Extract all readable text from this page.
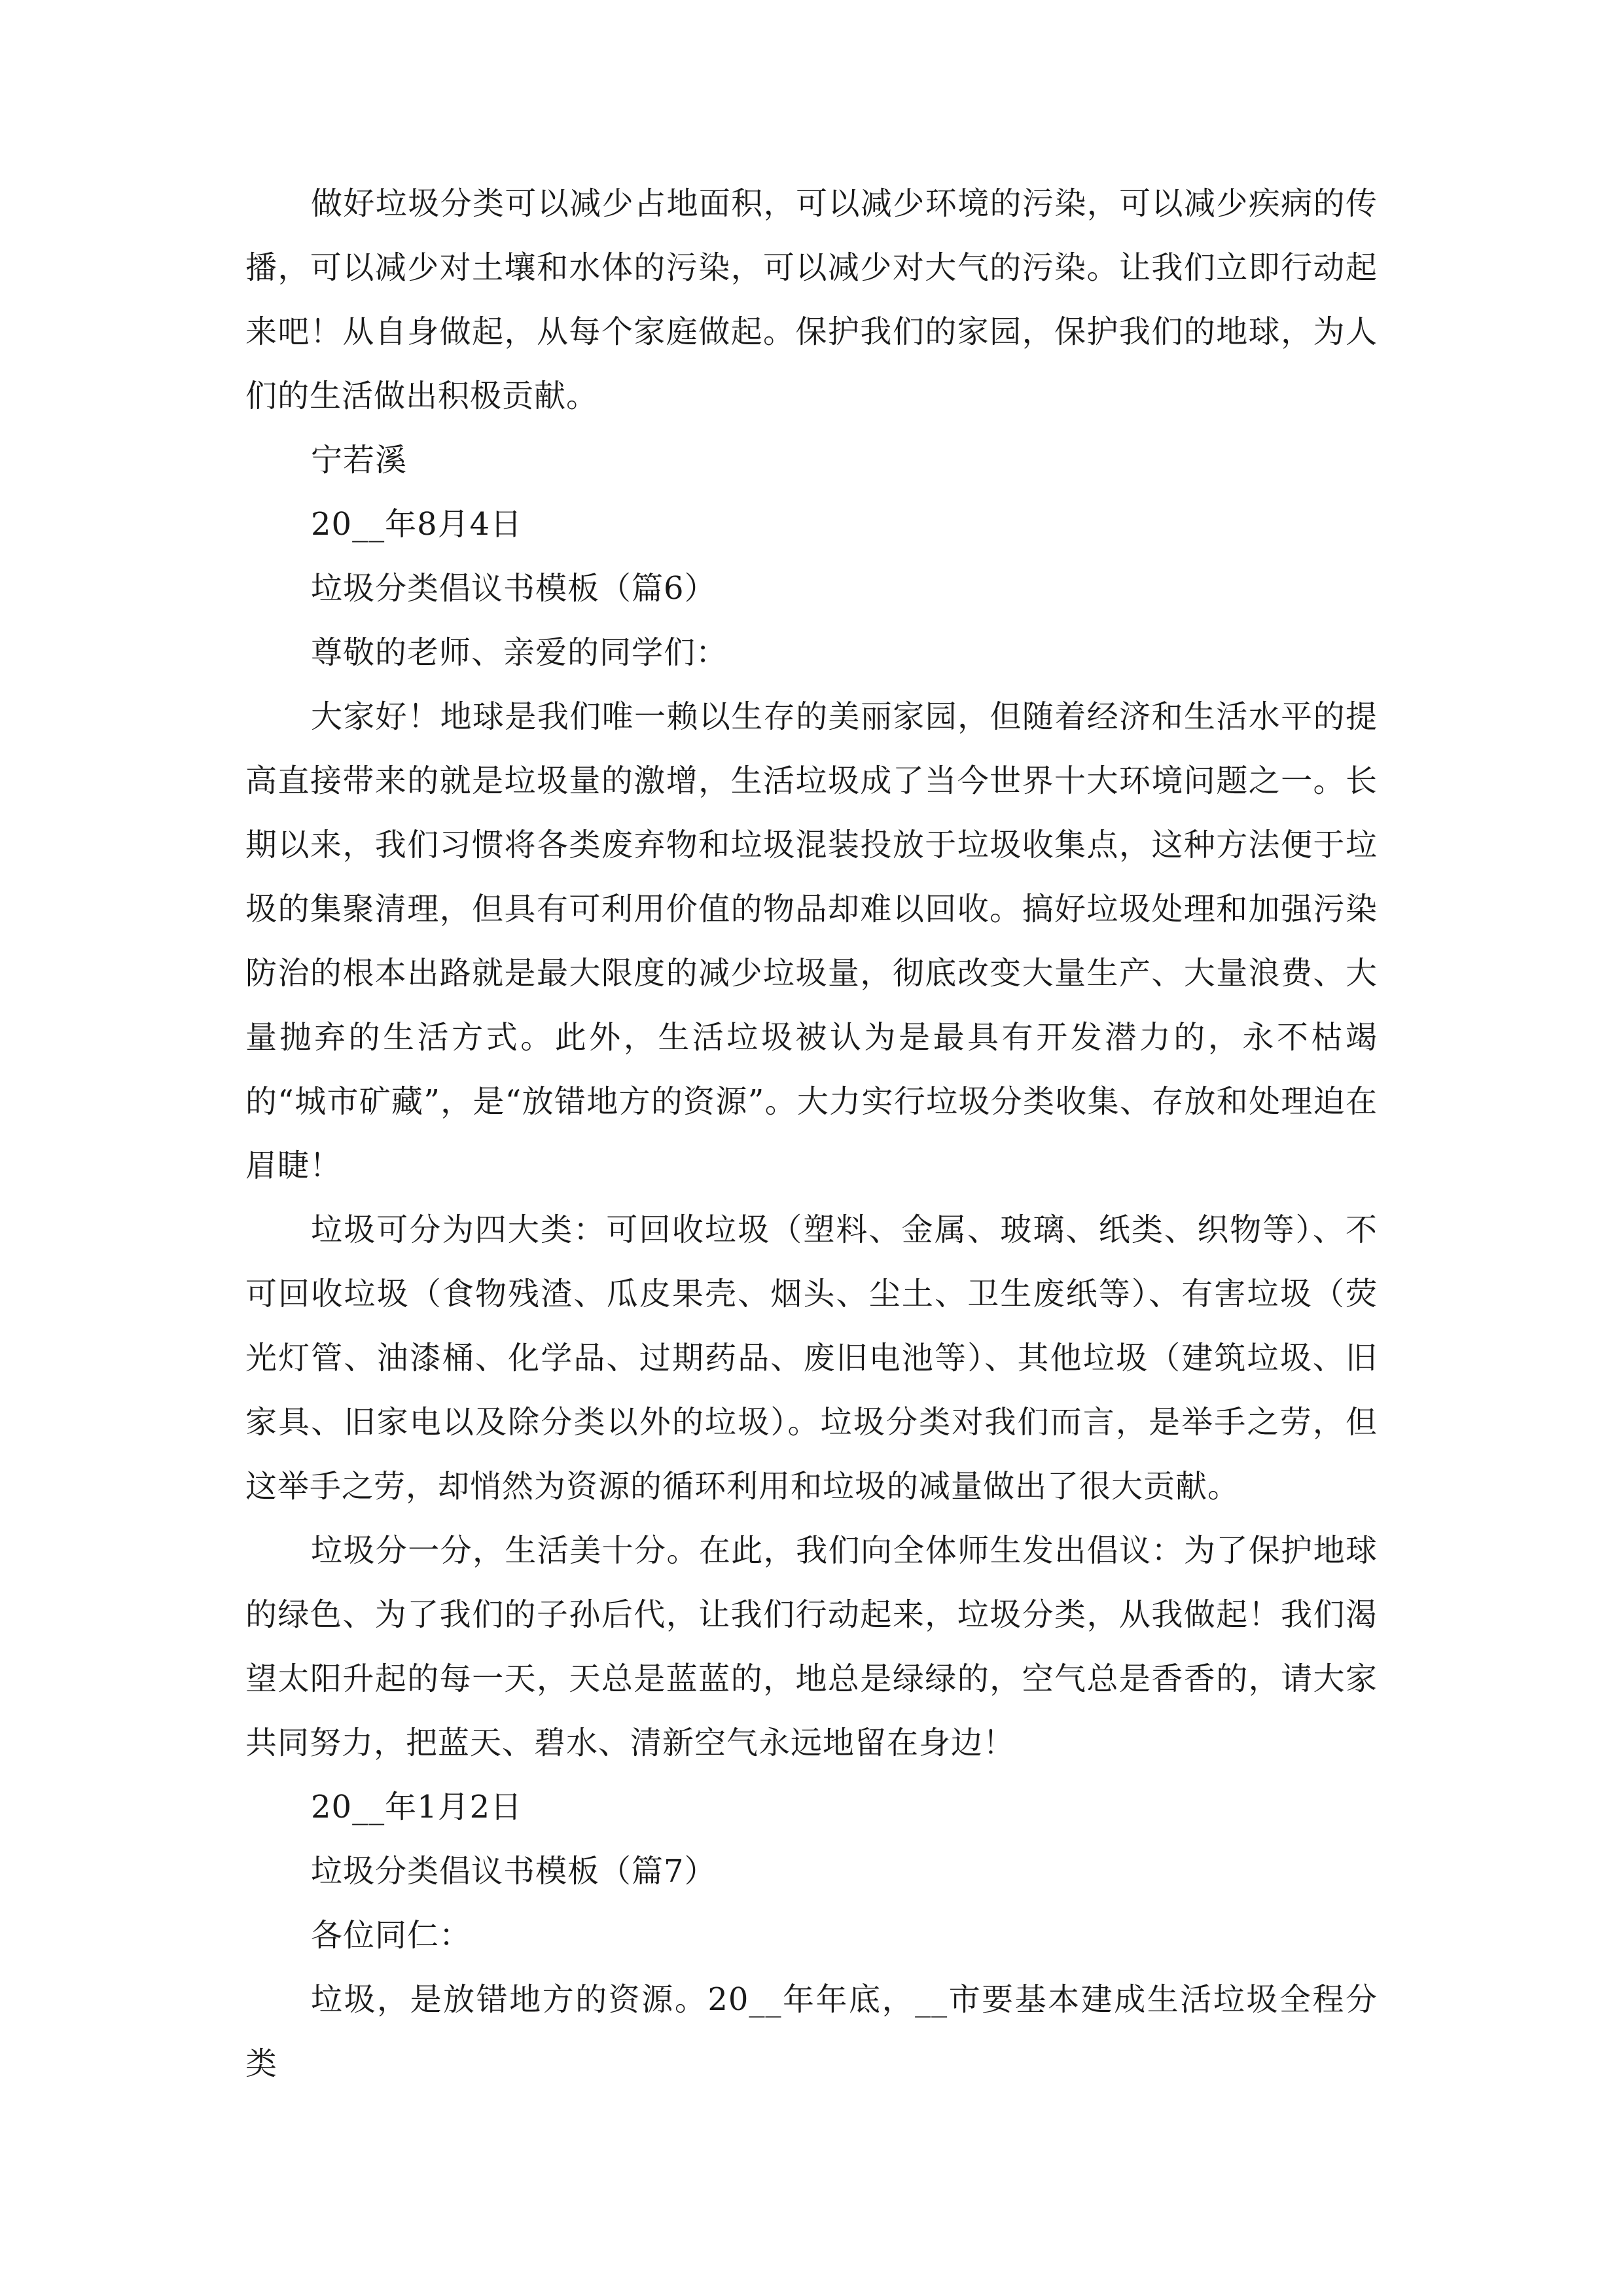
做好垃圾分类可以减少占地面积，可以减少环境的污染，可以减少疾病的传播，可以减少对土壤和水体的污染，可以减少对大气的污染。让我们立即行动起来吧！从自身做起，从每个家庭做起。保护我们的家园，保护我们的地球，为人们的生活做出积极贡献。

宁若溪

20__年8月4日

垃圾分类倡议书模板（篇6）

尊敬的老师、亲爱的同学们：

大家好！地球是我们唯一赖以生存的美丽家园，但随着经济和生活水平的提高直接带来的就是垃圾量的激增，生活垃圾成了当今世界十大环境问题之一。长期以来，我们习惯将各类废弃物和垃圾混装投放于垃圾收集点，这种方法便于垃圾的集聚清理，但具有可利用价值的物品却难以回收。搞好垃圾处理和加强污染防治的根本出路就是最大限度的减少垃圾量，彻底改变大量生产、大量浪费、大量抛弃的生活方式。此外，生活垃圾被认为是最具有开发潜力的，永不枯竭的“城市矿藏”，是“放错地方的资源”。大力实行垃圾分类收集、存放和处理迫在眉睫！

垃圾可分为四大类：可回收垃圾（塑料、金属、玻璃、纸类、织物等）、不可回收垃圾（食物残渣、瓜皮果壳、烟头、尘土、卫生废纸等）、有害垃圾（荧光灯管、油漆桶、化学品、过期药品、废旧电池等）、其他垃圾（建筑垃圾、旧家具、旧家电以及除分类以外的垃圾）。垃圾分类对我们而言，是举手之劳，但这举手之劳，却悄然为资源的循环利用和垃圾的减量做出了很大贡献。

垃圾分一分，生活美十分。在此，我们向全体师生发出倡议：为了保护地球的绿色、为了我们的子孙后代，让我们行动起来，垃圾分类，从我做起！我们渴望太阳升起的每一天，天总是蓝蓝的，地总是绿绿的，空气总是香香的，请大家共同努力，把蓝天、碧水、清新空气永远地留在身边！

20__年1月2日

垃圾分类倡议书模板（篇7）

各位同仁：

垃圾，是放错地方的资源。20__年年底，__市要基本建成生活垃圾全程分类
